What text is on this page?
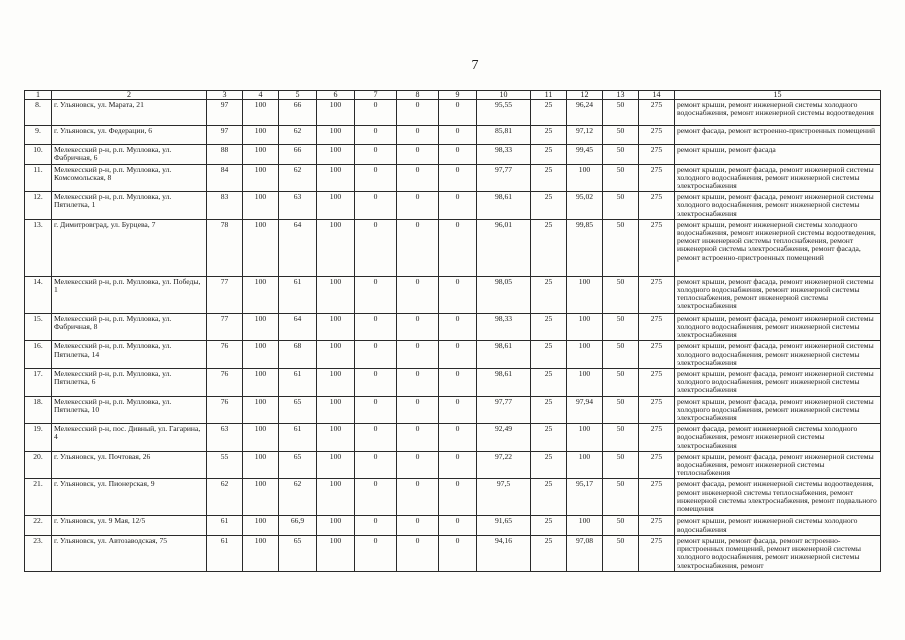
7
1	2	3	4	5	6	7	8	9	10	11	12	13	14	15
8.	г. Ульяновск, ул. Марата, 21	97	100	66	100	0	0	0	95,55	25	96,24	50	275	ремонт крыши, ремонт инженерной системы холодного водоснабжения, ремонт инженерной системы водоотведения
9.	г. Ульяновск, ул. Федерации, 6	97	100	62	100	0	0	0	85,81	25	97,12	50	275	ремонт фасада, ремонт встроенно-пристроенных помещений
10.	Мелекесский р-н, р.п. Мулловка, ул. Фабричная, 6	88	100	66	100	0	0	0	98,33	25	99,45	50	275	ремонт крыши, ремонт фасада
11.	Мелекесский р-н, р.п. Мулловка, ул. Комсомольская, 8	84	100	62	100	0	0	0	97,77	25	100	50	275	ремонт крыши, ремонт фасада, ремонт инженерной системы холодного водоснабжения, ремонт инженерной системы электроснабжения
12.	Мелекесский р-н, р.п. Мулловка, ул. Пятилетка, 1	83	100	63	100	0	0	0	98,61	25	95,02	50	275	ремонт крыши, ремонт фасада, ремонт инженерной системы холодного водоснабжения, ремонт инженерной системы электроснабжения
13.	г. Димитровград, ул. Бурцева, 7	78	100	64	100	0	0	0	96,01	25	99,85	50	275	ремонт крыши, ремонт инженерной системы холодного водоснабжения, ремонт инженерной системы водоотведения, ремонт инженерной системы теплоснабжения, ремонт инженерной системы электроснабжения, ремонт фасада, ремонт встроенно-пристроенных помещений
14.	Мелекесский р-н, р.п. Мулловка, ул. Победы, 1	77	100	61	100	0	0	0	98,05	25	100	50	275	ремонт крыши, ремонт фасада, ремонт инженерной системы холодного водоснабжения, ремонт инженерной системы теплоснабжения, ремонт инженерной системы электроснабжения
15.	Мелекесский р-н, р.п. Мулловка, ул. Фабричная, 8	77	100	64	100	0	0	0	98,33	25	100	50	275	ремонт крыши, ремонт фасада, ремонт инженерной системы холодного водоснабжения, ремонт инженерной системы электроснабжения
16.	Мелекесский р-н, р.п. Мулловка, ул. Пятилетка, 14	76	100	68	100	0	0	0	98,61	25	100	50	275	ремонт крыши, ремонт фасада, ремонт инженерной системы холодного водоснабжения, ремонт инженерной системы электроснабжения
17.	Мелекесский р-н, р.п. Мулловка, ул. Пятилетка, 6	76	100	61	100	0	0	0	98,61	25	100	50	275	ремонт крыши, ремонт фасада, ремонт инженерной системы холодного водоснабжения, ремонт инженерной системы электроснабжения
18.	Мелекесский р-н, р.п. Мулловка, ул. Пятилетка, 10	76	100	65	100	0	0	0	97,77	25	97,94	50	275	ремонт крыши, ремонт фасада, ремонт инженерной системы холодного водоснабжения, ремонт инженерной системы электроснабжения
19.	Мелекесский р-н, пос. Дивный, ул. Гагарина, 4	63	100	61	100	0	0	0	92,49	25	100	50	275	ремонт фасада, ремонт инженерной системы холодного водоснабжения, ремонт инженерной системы электроснабжения
20.	г. Ульяновск, ул. Почтовая, 26	55	100	65	100	0	0	0	97,22	25	100	50	275	ремонт крыши, ремонт фасада, ремонт инженерной системы водоснабжения, ремонт инженерной системы теплоснабжения
21.	г. Ульяновск, ул. Пионерская, 9	62	100	62	100	0	0	0	97,5	25	95,17	50	275	ремонт фасада, ремонт инженерной системы водоотведения, ремонт инженерной системы теплоснабжения, ремонт инженерной системы электроснабжения, ремонт подвального помещения
22.	г. Ульяновск, ул. 9 Мая, 12/5	61	100	66,9	100	0	0	0	91,65	25	100	50	275	ремонт крыши, ремонт инженерной системы холодного водоснабжения
23.	г. Ульяновск, ул. Автозаводская, 75	61	100	65	100	0	0	0	94,16	25	97,08	50	275	ремонт крыши, ремонт фасада, ремонт встроенно-пристроенных помещений, ремонт инженерной системы холодного водоснабжения, ремонт инженерной системы электроснабжения, ремонт
